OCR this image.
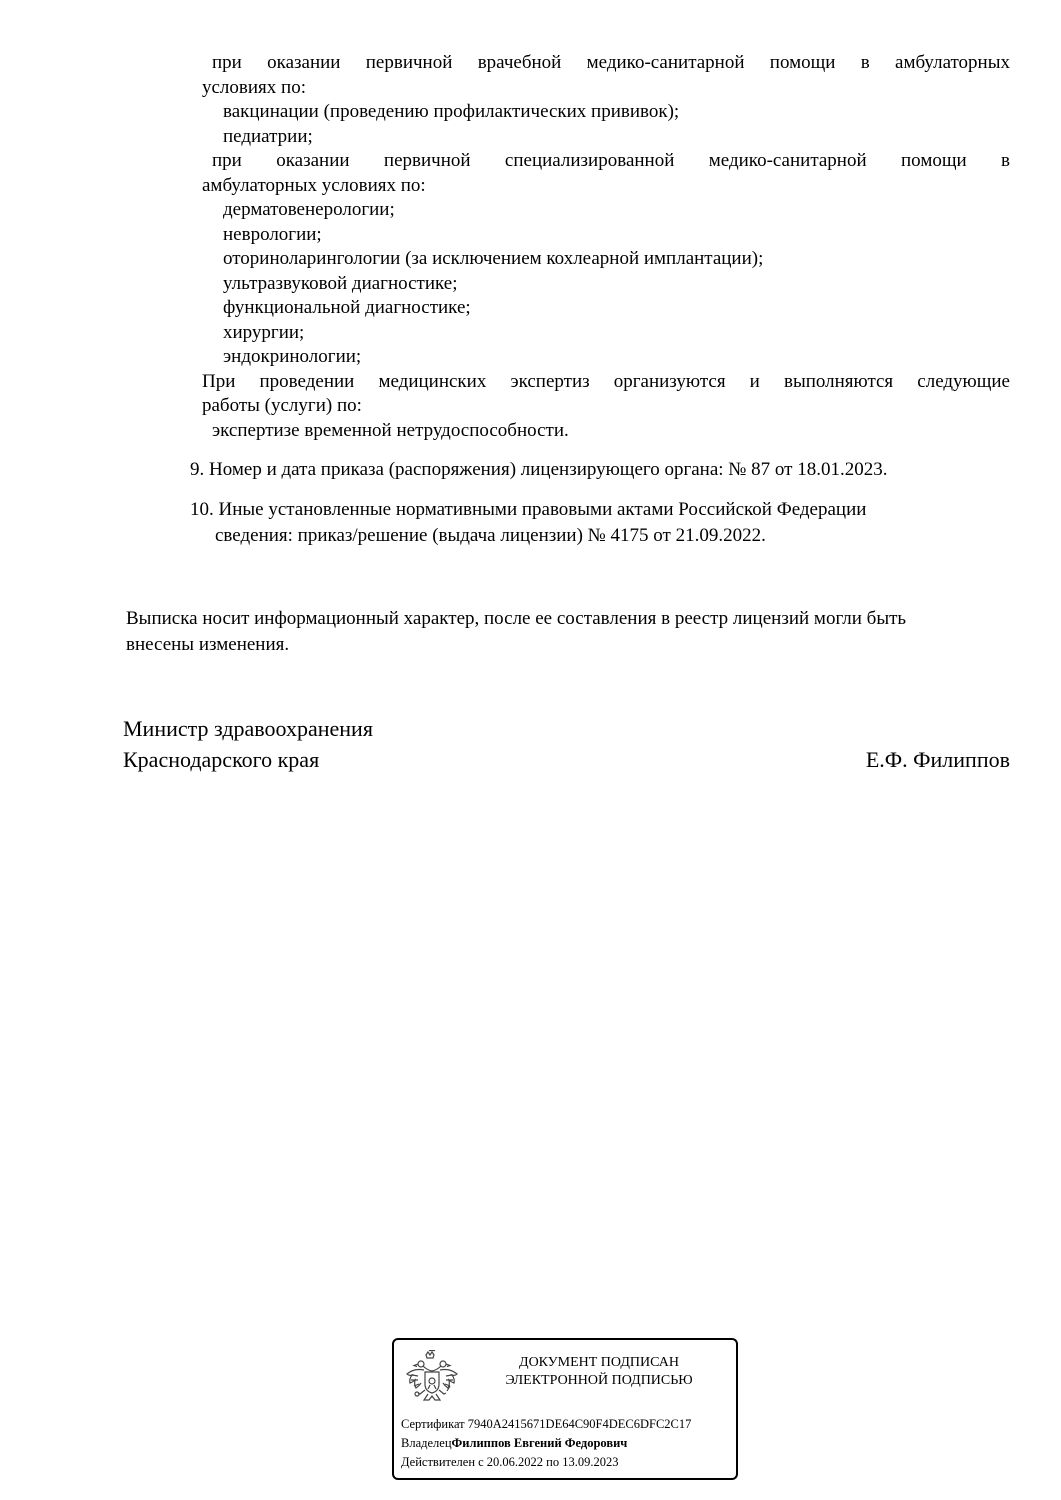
при оказании первичной врачебной медико-санитарной помощи в амбулаторных
условиях по:
вакцинации (проведению профилактических прививок);
педиатрии;
при оказании первичной специализированной медико-санитарной помощи в
амбулаторных условиях по:
дерматовенерологии;
неврологии;
оториноларингологии (за исключением кохлеарной имплантации);
ультразвуковой диагностике;
функциональной диагностике;
хирургии;
эндокринологии;
При проведении медицинских экспертиз организуются и выполняются следующие
работы (услуги) по:
экспертизе временной нетрудоспособности.
9. Номер и дата приказа (распоряжения) лицензирующего органа: № 87 от 18.01.2023.
10. Иные установленные нормативными правовыми актами Российской Федерации
сведения: приказ/решение (выдача лицензии) № 4175 от 21.09.2022.
Выписка носит информационный характер, после ее составления в реестр лицензий могли быть
внесены изменения.
Министр здравоохранения
Краснодарского края	Е.Ф. Филиппов
ДОКУМЕНТ ПОДПИСАН
ЭЛЕКТРОННОЙ ПОДПИСЬЮ
Сертификат 7940A2415671DE64C90F4DEC6DFC2C17
ВладелецФилиппов Евгений Федорович
Действителен с 20.06.2022 по 13.09.2023
